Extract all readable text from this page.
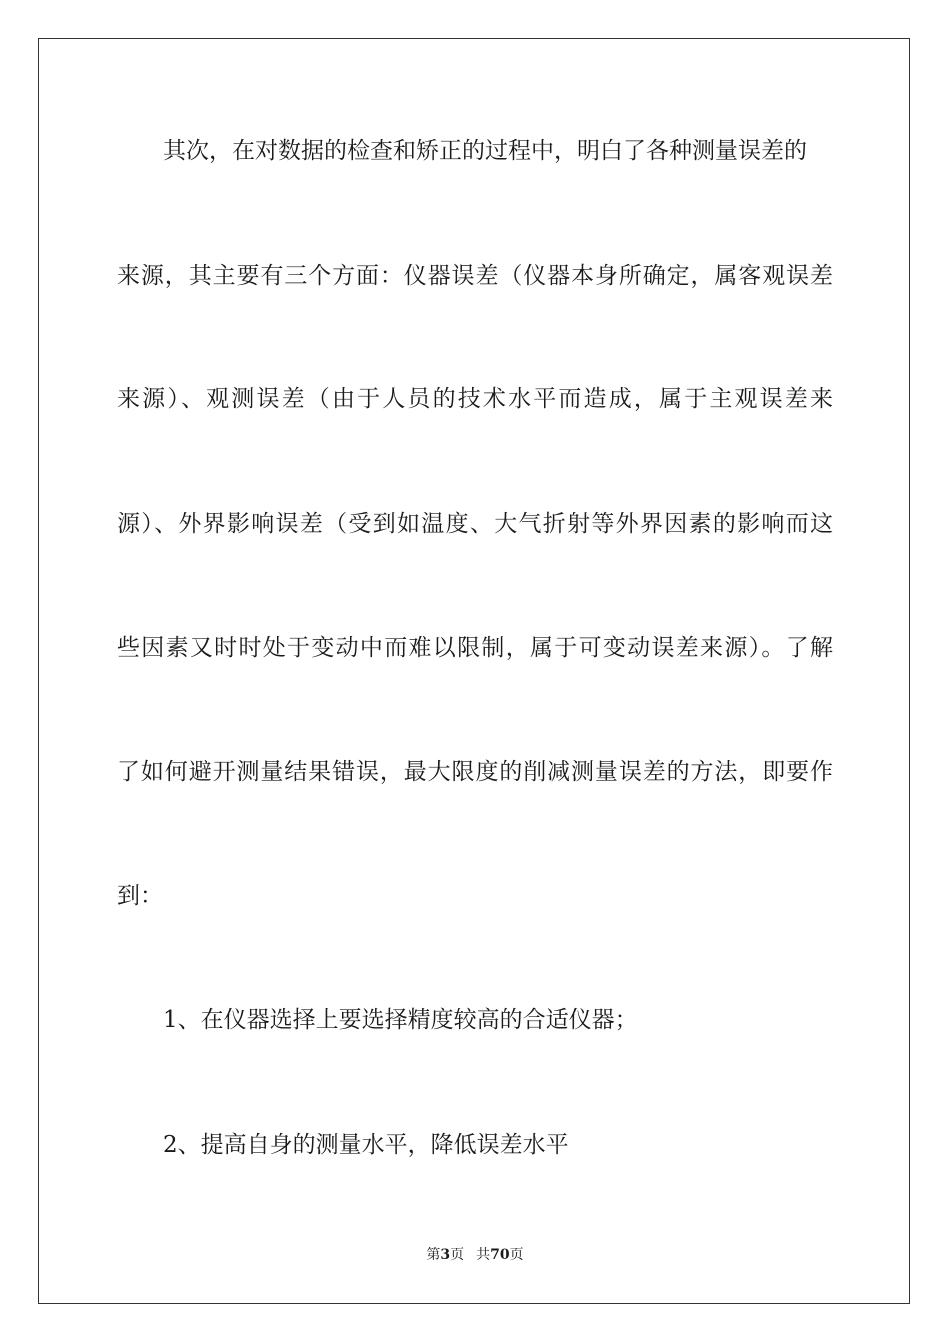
其次，在对数据的检查和矫正的过程中，明白了各种测量误差的
来源，其主要有三个方面：仪器误差（仪器本身所确定，属客观误差
来源）、观测误差（由于人员的技术水平而造成，属于主观误差来
源）、外界影响误差（受到如温度、大气折射等外界因素的影响而这
些因素又时时处于变动中而难以限制，属于可变动误差来源）。了解
了如何避开测量结果错误，最大限度的削减测量误差的方法，即要作
到：
1、在仪器选择上要选择精度较高的合适仪器；
2、提高自身的测量水平，降低误差水平
第3页 共70页
